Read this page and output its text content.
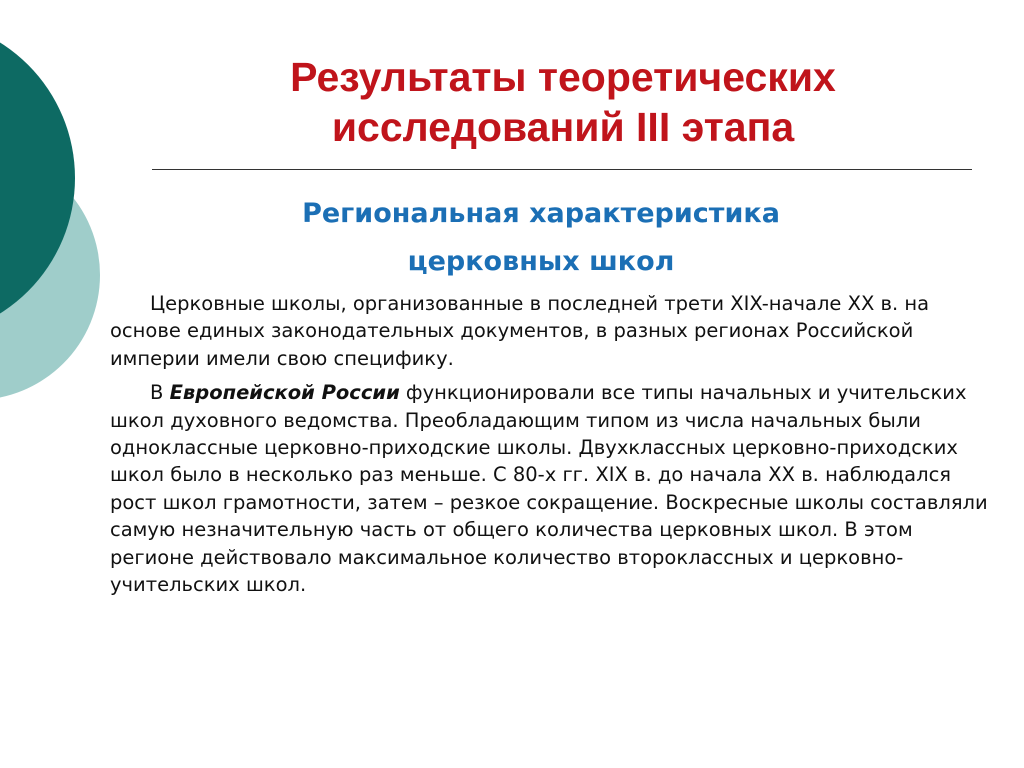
Результаты теоретических
исследований III этапа
Региональная характеристика
церковных школ

Церковные школы, организованные в последней трети XIX-начале XX в. на основе единых законодательных документов, в разных регионах Российской империи имели свою специфику.

В Европейской России функционировали все типы начальных и учительских школ духовного ведомства. Преобладающим типом из числа начальных были одноклассные церковно-приходские школы. Двухклассных церковно-приходских школ было в несколько раз меньше. С 80-х гг. XIX в. до начала XX в. наблюдался рост школ грамотности, затем – резкое сокращение. Воскресные школы составляли самую незначительную часть от общего количества церковных школ. В этом регионе действовало максимальное количество второклассных и церковно-учительских школ.
